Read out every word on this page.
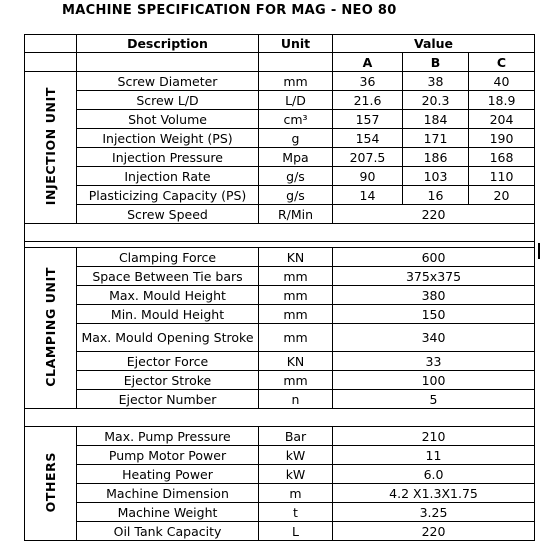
MACHINE SPECIFICATION FOR MAG - NEO 80
	Description	Unit	Value		
			A	B	C
INJECTION UNIT	Screw Diameter	mm	36	38	40
	Screw L/D	L/D	21.6	20.3	18.9
	Shot Volume	cm³	157	184	204
	Injection Weight (PS)	g	154	171	190
	Injection Pressure	Mpa	207.5	186	168
	Injection Rate	g/s	90	103	110
	Plasticizing Capacity (PS)	g/s	14	16	20
	Screw Speed	R/Min	220		

CLAMPING UNIT	Clamping Force	KN	600		
	Space Between Tie bars	mm	375x375		
	Max. Mould Height	mm	380		
	Min. Mould Height	mm	150		
	Max. Mould Opening Stroke	mm	340		
	Ejector Force	KN	33		
	Ejector Stroke	mm	100		
	Ejector Number	n	5		

OTHERS	Max. Pump Pressure	Bar	210		
	Pump Motor Power	kW	11		
	Heating Power	kW	6.0		
	Machine Dimension	m	4.2 X1.3X1.75		
	Machine Weight	t	3.25		
	Oil Tank Capacity	L	220		
